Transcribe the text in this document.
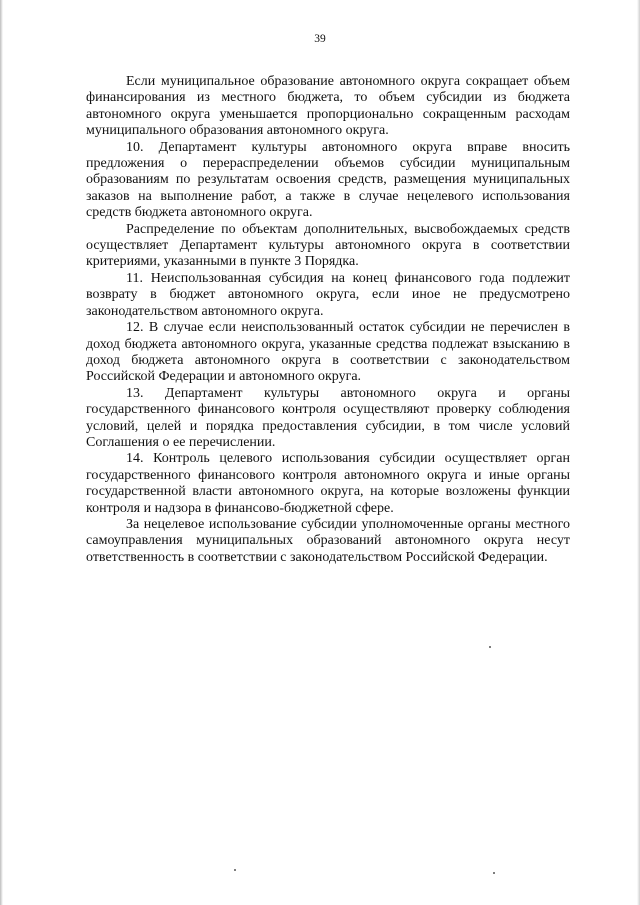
39

Если муниципальное образование автономного округа сокращает объем финансирования из местного бюджета, то объем субсидии из бюджета автономного округа уменьшается пропорционально сокращенным расходам муниципального образования автономного округа.

10. Департамент культуры автономного округа вправе вносить предложения о перераспределении объемов субсидии муниципальным образованиям по результатам освоения средств, размещения муниципальных заказов на выполнение работ, а также в случае нецелевого использования средств бюджета автономного округа.

Распределение по объектам дополнительных, высвобождаемых средств осуществляет Департамент культуры автономного округа в соответствии критериями, указанными в пункте 3 Порядка.

11. Неиспользованная субсидия на конец финансового года подлежит возврату в бюджет автономного округа, если иное не предусмотрено законодательством автономного округа.

12. В случае если неиспользованный остаток субсидии не перечислен в доход бюджета автономного округа, указанные средства подлежат взысканию в доход бюджета автономного округа в соответствии с законодательством Российской Федерации и автономного округа.

13. Департамент культуры автономного округа и органы государственного финансового контроля осуществляют проверку соблюдения условий, целей и порядка предоставления субсидии, в том числе условий Соглашения о ее перечислении.

14. Контроль целевого использования субсидии осуществляет орган государственного финансового контроля автономного округа и иные органы государственной власти автономного округа, на которые возложены функции контроля и надзора в финансово-бюджетной сфере.

За нецелевое использование субсидии уполномоченные органы местного самоуправления муниципальных образований автономного округа несут ответственность в соответствии с законодательством Российской Федерации.
